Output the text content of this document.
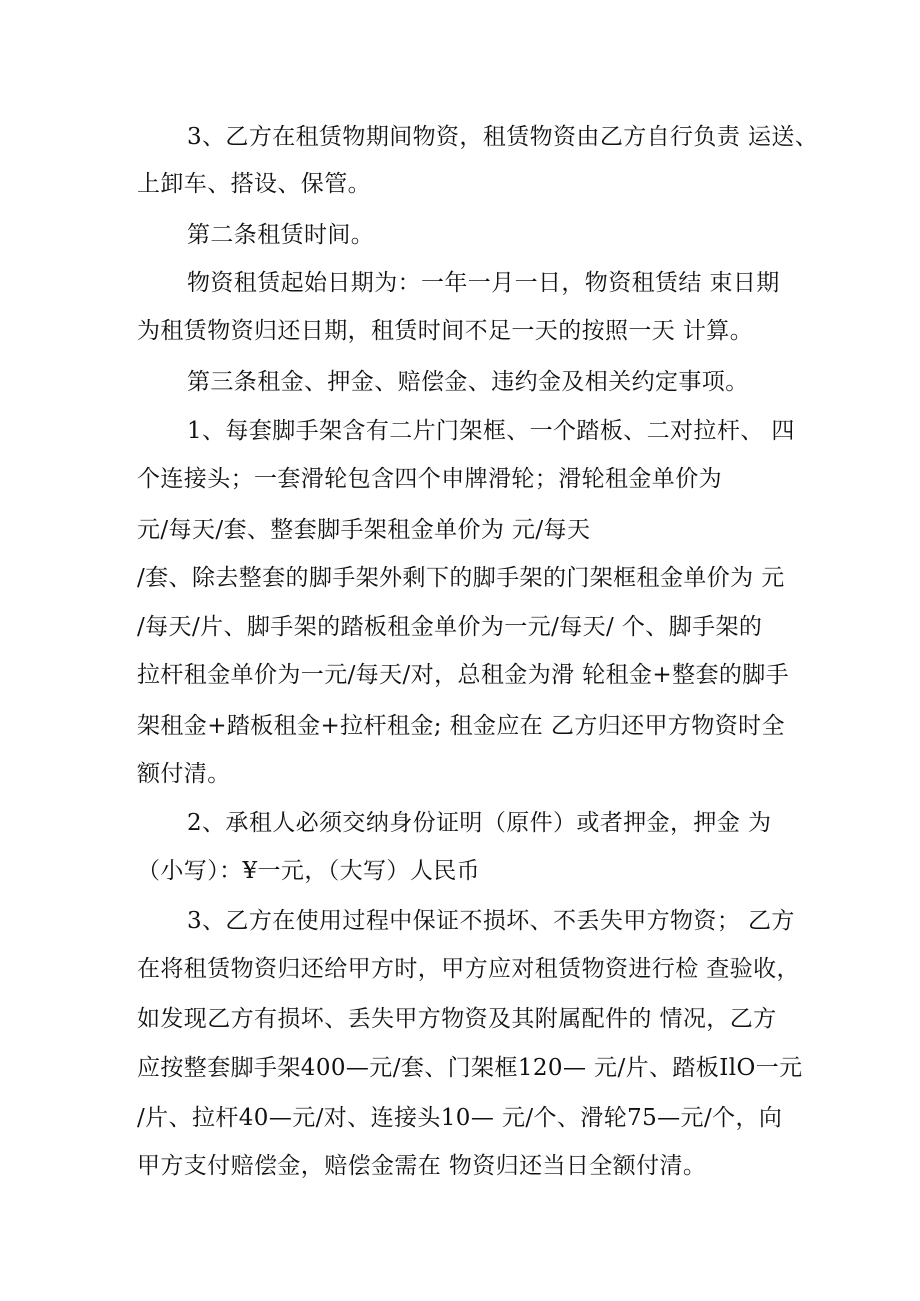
3、乙方在租赁物期间物资，租赁物资由乙方自行负责 运送、
上卸车、搭设、保管。
第二条租赁时间。
物资租赁起始日期为：一年一月一日，物资租赁结 束日期
为租赁物资归还日期，租赁时间不足一天的按照一天 计算。
第三条租金、押金、赔偿金、违约金及相关约定事项。
1、每套脚手架含有二片门架框、一个踏板、二对拉杆、 四
个连接头；一套滑轮包含四个申牌滑轮；滑轮租金单价为
元/每天/套、整套脚手架租金单价为 元/每天
/套、除去整套的脚手架外剩下的脚手架的门架框租金单价为 元
/每天/片、脚手架的踏板租金单价为一元/每天/ 个、脚手架的
拉杆租金单价为一元/每天/对，总租金为滑 轮租金+整套的脚手
架租金+踏板租金+拉杆租金; 租金应在 乙方归还甲方物资时全
额付清。
2、承租人必须交纳身份证明（原件）或者押金，押金 为
（小写）：¥一元，（大写）人民币
3、乙方在使用过程中保证不损坏、不丢失甲方物资； 乙方
在将租赁物资归还给甲方时，甲方应对租赁物资进行检 查验收，
如发现乙方有损坏、丢失甲方物资及其附属配件的 情况，乙方
应按整套脚手架400—元/套、门架框120— 元/片、踏板IlO一元
/片、拉杆40—元/对、连接头10— 元/个、滑轮75—元/个，向
甲方支付赔偿金，赔偿金需在 物资归还当日全额付清。
